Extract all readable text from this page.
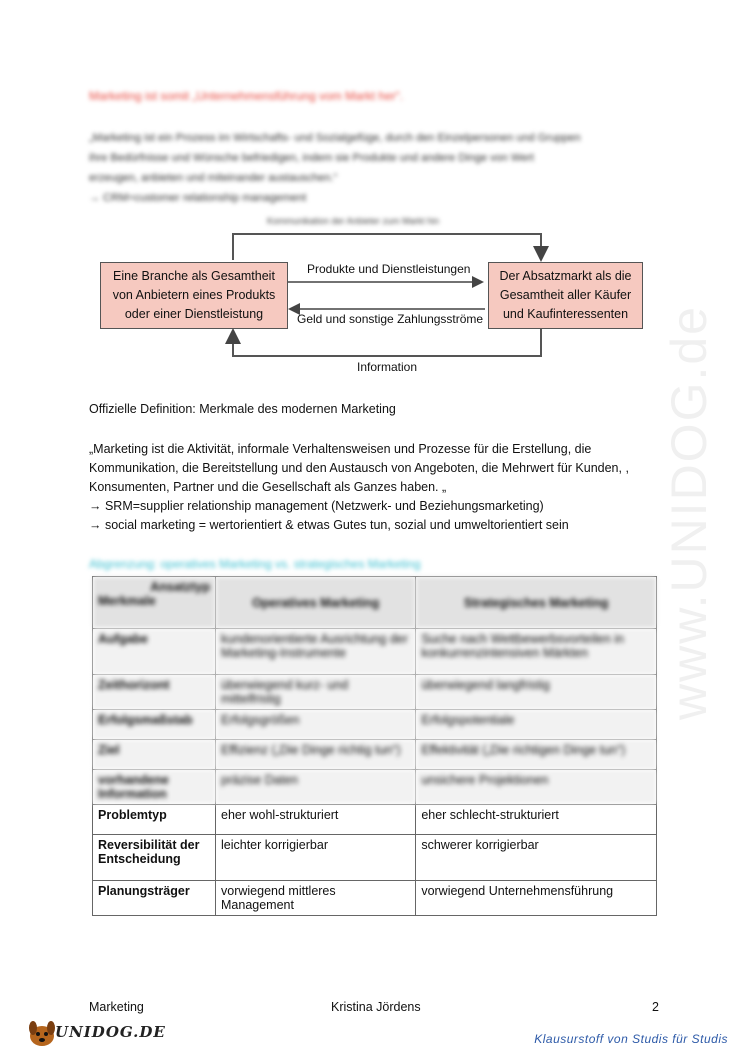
Marketing ist somit „Unternehmensführung vom Markt her“.
„Marketing ist ein Prozess im Wirtschafts- und Sozialgefüge, durch den Einzelpersonen und Gruppen
ihre Bedürfnisse und Wünsche befriedigen, indem sie Produkte und andere Dinge von Wert
erzeugen, anbieten und miteinander austauschen.“
→ CRM=customer relationship management
Kommunikation der Anbieter zum Markt hin
Eine Branche als Gesamtheit
von Anbietern eines Produkts
oder einer Dienstleistung
Der Absatzmarkt als die
Gesamtheit aller Käufer
und Kaufinteressenten
Produkte und Dienstleistungen
Geld und sonstige Zahlungsströme
Information
Offizielle Definition: Merkmale des modernen Marketing
„Marketing ist die Aktivität, informale Verhaltensweisen und Prozesse für die Erstellung, die
Kommunikation, die Bereitstellung und den Austausch von Angeboten, die Mehrwert für Kunden, ,
Konsumenten, Partner und die Gesellschaft als Ganzes haben. „
→ SRM=supplier relationship management (Netzwerk- und Beziehungsmarketing)
→ social marketing = wertorientiert & etwas Gutes tun, sozial und umweltorientiert sein
Abgrenzung: operatives Marketing vs. strategisches Marketing	www.UNIDOG.de
Ansatztyp
Merkmale	Operatives Marketing	Strategisches Marketing
Aufgabe	kundenorientierte Ausrichtung der Marketing-Instrumente	Suche nach Wettbewerbsvorteilen in konkurrenzintensiven Märkten
Zeithorizont	überwiegend kurz- und mittelfristig	überwiegend langfristig
Erfolgsmaßstab	Erfolgsgrößen	Erfolgspotentiale
Ziel	Effizienz („Die Dinge richtig tun“)	Effektivität („Die richtigen Dinge tun“)
vorhandene Information	präzise Daten	unsichere Projektionen
Problemtyp	eher wohl-strukturiert	eher schlecht-strukturiert
Reversibilität der Entscheidung	leichter korrigierbar	schwerer korrigierbar
Planungsträger	vorwiegend mittleres Management	vorwiegend Unternehmensführung
Marketing	Kristina Jördens	2
UNIDOG.DE	Klausurstoff von Studis für Studis
